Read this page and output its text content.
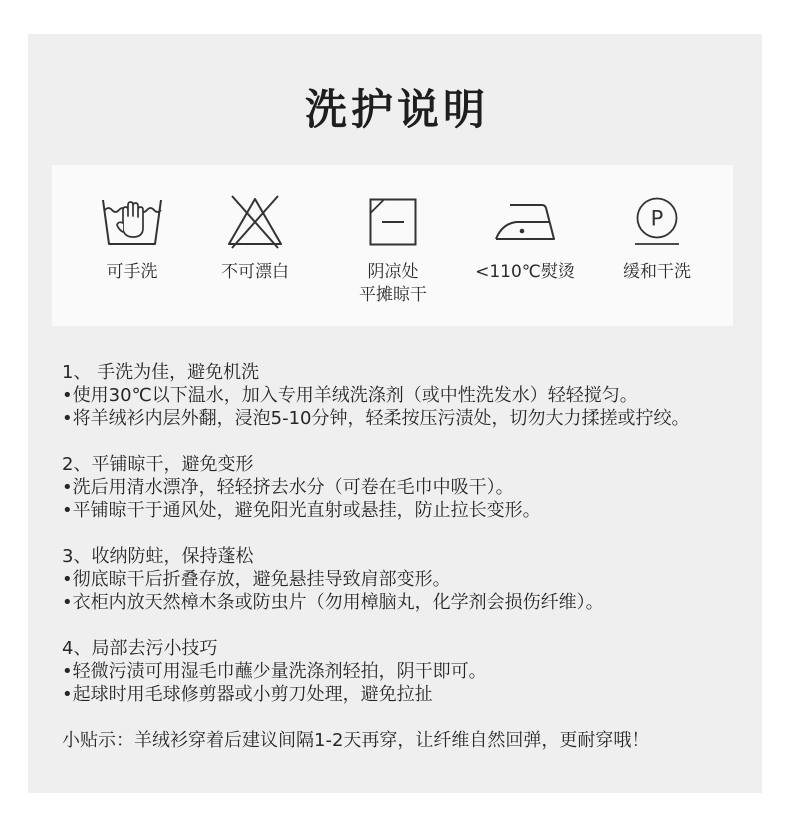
洗护说明
可手洗	不可漂白	阴凉处
平摊晾干
<110℃熨烫
P
缓和干洗
1、 手洗为佳，避免机洗
•使用30℃以下温水，加入专用羊绒洗涤剂（或中性洗发水）轻轻搅匀。
•将羊绒衫内层外翻，浸泡5-10分钟，轻柔按压污渍处，切勿大力揉搓或拧绞。
2、平铺晾干，避免变形
•洗后用清水漂净，轻轻挤去水分（可卷在毛巾中吸干）。
•平铺晾干于通风处，避免阳光直射或悬挂，防止拉长变形。
3、收纳防蛀，保持蓬松
•彻底晾干后折叠存放，避免悬挂导致肩部变形。
•衣柜内放天然樟木条或防虫片（勿用樟脑丸，化学剂会损伤纤维）。
4、局部去污小技巧
•轻微污渍可用湿毛巾蘸少量洗涤剂轻拍，阴干即可。
•起球时用毛球修剪器或小剪刀处理，避免拉扯
小贴示：羊绒衫穿着后建议间隔1-2天再穿，让纤维自然回弹，更耐穿哦！
